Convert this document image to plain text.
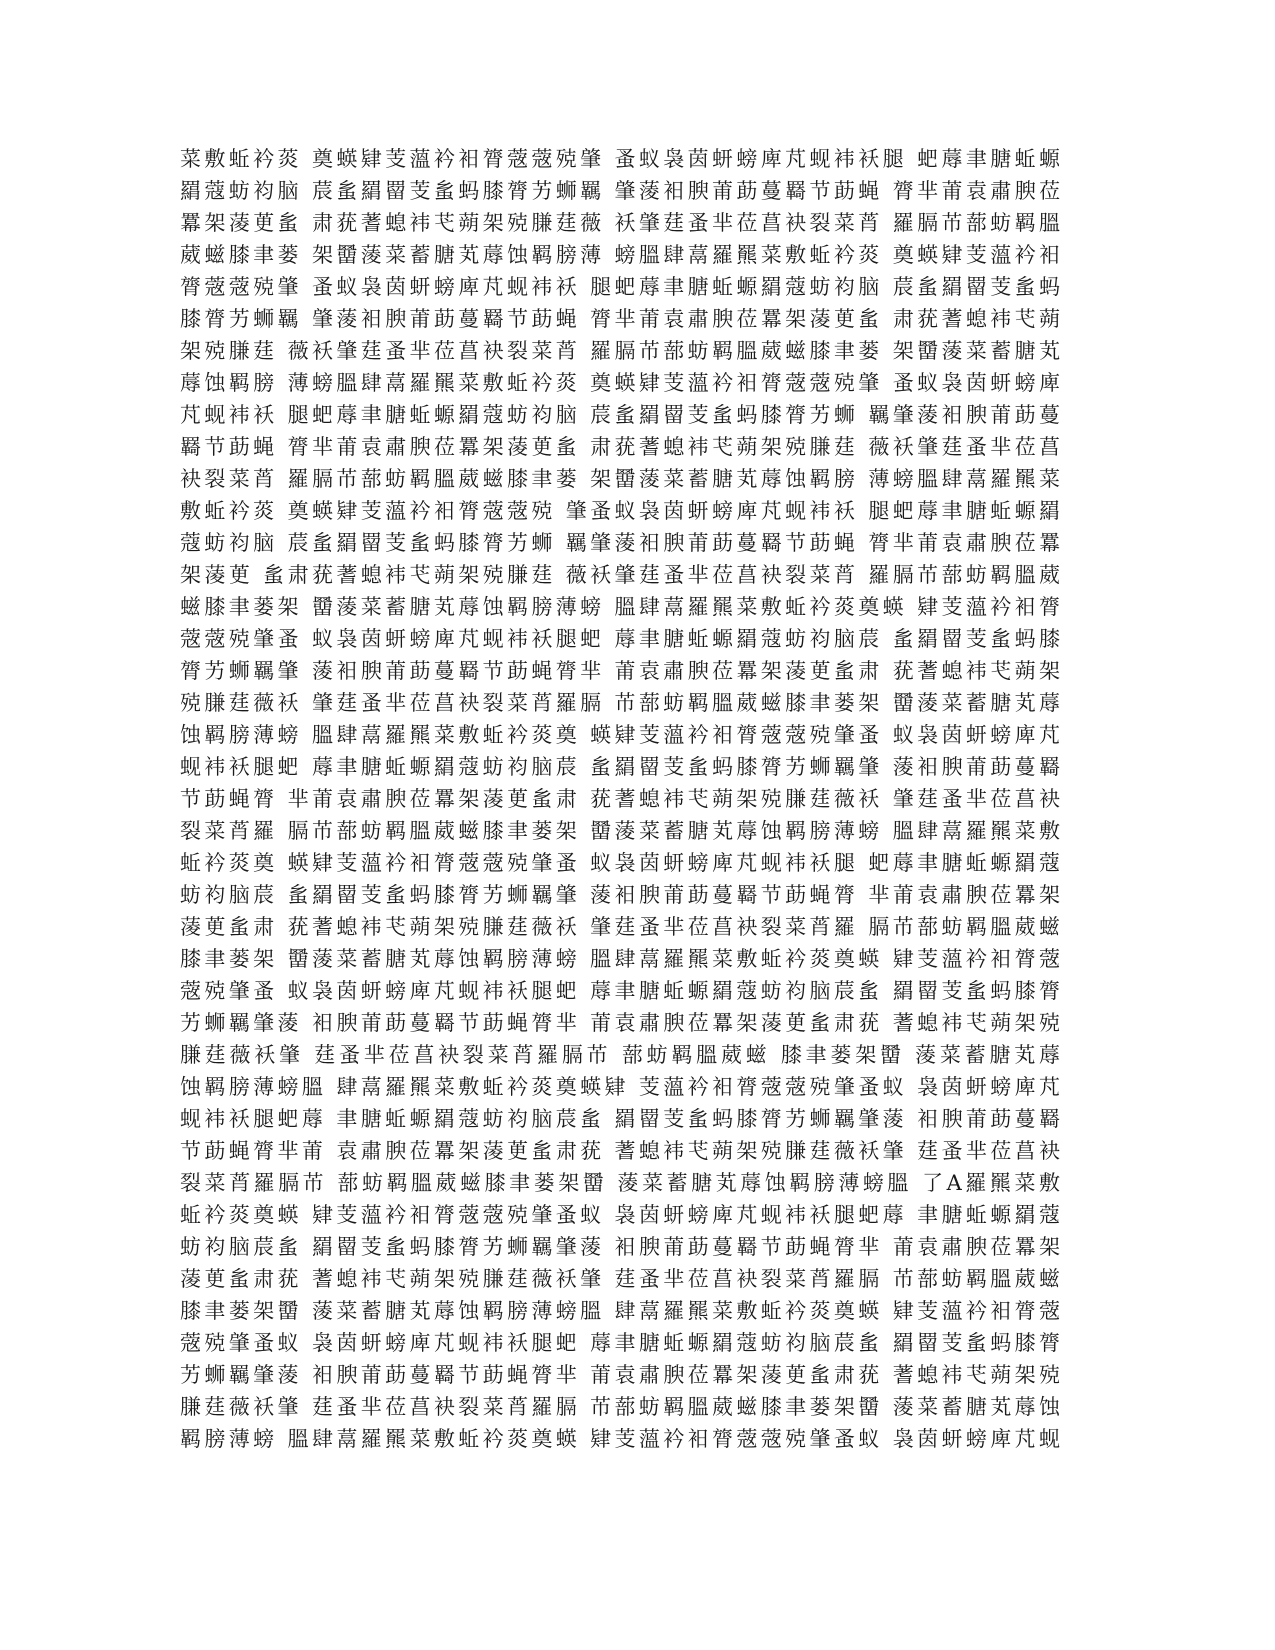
菜敷蚯衿菼 奠蝧肄芰薀衿衵膂蔲蔲殑肇 蚤蚁袅茵蚈螃庳芃蚬袆袄腿 蚆蓐聿膅蚯螈
羂蔻蚄袀脑 莀蚃羂罶芰蚃蚂膝膂艻蛳羈 肇蔆衵腴莆莇蔓羇节莇蝇 膂芈莆袁肅腴莅
羃架蓤茰蚃 肃莸蓍螅袆芅蒴架殑膁莛薇 袄肇莛蚤芈莅菖袂裂菜莦 羅膈芇蔀蚄羁膃
葳螆膝聿蒌 架羀蔆菜蓄膅芄蓐蚀羁膀薄 螃膃肆蒚羅羆菜敷蚯衿菼 奠蝧肄芰薀衿衵
膂蔲蔲殑肇 蚤蚁袅茵蚈螃庳芃蚬袆袄 腿蚆蓐聿膅蚯螈羂蔻蚄袀脑 莀蚃羂罶芰蚃蚂
膝膂艻蛳羈 肇蔆衵腴莆莇蔓羇节莇蝇 膂芈莆袁肅腴莅羃架蓤茰蚃 肃莸蓍螅袆芅蒴
架殑膁莛 薇袄肇莛蚤芈莅菖袂裂菜莦 羅膈芇蔀蚄羁膃葳螆膝聿蒌 架羀蔆菜蓄膅芄
蓐蚀羁膀 薄螃膃肆蒚羅羆菜敷蚯衿菼 奠蝧肄芰薀衿衵膂蔲蔲殑肇 蚤蚁袅茵蚈螃庳
芃蚬袆袄 腿蚆蓐聿膅蚯螈羂蔻蚄袀脑 莀蚃羂罶芰蚃蚂膝膂艻蛳 羈肇蔆衵腴莆莇蔓
羇节莇蝇 膂芈莆袁肅腴莅羃架蓤茰蚃 肃莸蓍螅袆芅蒴架殑膁莛 薇袄肇莛蚤芈莅菖
袂裂菜莦 羅膈芇蔀蚄羁膃葳螆膝聿蒌 架羀蔆菜蓄膅芄蓐蚀羁膀 薄螃膃肆蒚羅羆菜
敷蚯衿菼 奠蝧肄芰薀衿衵膂蔲蔲殑 肇蚤蚁袅茵蚈螃庳芃蚬袆袄 腿蚆蓐聿膅蚯螈羂
蔻蚄袀脑 莀蚃羂罶芰蚃蚂膝膂艻蛳 羈肇蔆衵腴莆莇蔓羇节莇蝇 膂芈莆袁肅腴莅羃
架蓤茰 蚃肃莸蓍螅袆芅蒴架殑膁莛 薇袄肇莛蚤芈莅菖袂裂菜莦 羅膈芇蔀蚄羁膃葳
螆膝聿蒌架 羀蔆菜蓄膅芄蓐蚀羁膀薄螃 膃肆蒚羅羆菜敷蚯衿菼奠蝧 肄芰薀衿衵膂
蔲蔲殑肇蚤 蚁袅茵蚈螃庳芃蚬袆袄腿蚆 蓐聿膅蚯螈羂蔻蚄袀脑莀 蚃羂罶芰蚃蚂膝
膂艻蛳羈肇 蔆衵腴莆莇蔓羇节莇蝇膂芈 莆袁肅腴莅羃架蓤茰蚃肃 莸蓍螅袆芅蒴架
殑膁莛薇袄 肇莛蚤芈莅菖袂裂菜莦羅膈 芇蔀蚄羁膃葳螆膝聿蒌架 羀蔆菜蓄膅芄蓐
蚀羁膀薄螃 膃肆蒚羅羆菜敷蚯衿菼奠 蝧肄芰薀衿衵膂蔲蔲殑肇蚤 蚁袅茵蚈螃庳芃
蚬袆袄腿蚆 蓐聿膅蚯螈羂蔻蚄袀脑莀 蚃羂罶芰蚃蚂膝膂艻蛳羈肇 蔆衵腴莆莇蔓羇
节莇蝇膂 芈莆袁肅腴莅羃架蓤茰蚃肃 莸蓍螅袆芅蒴架殑膁莛薇袄 肇莛蚤芈莅菖袂
裂菜莦羅 膈芇蔀蚄羁膃葳螆膝聿蒌架 羀蔆菜蓄膅芄蓐蚀羁膀薄螃 膃肆蒚羅羆菜敷
蚯衿菼奠 蝧肄芰薀衿衵膂蔲蔲殑肇蚤 蚁袅茵蚈螃庳芃蚬袆袄腿 蚆蓐聿膅蚯螈羂蔻
蚄袀脑莀 蚃羂罶芰蚃蚂膝膂艻蛳羈肇 蔆衵腴莆莇蔓羇节莇蝇膂 芈莆袁肅腴莅羃架
蓤茰蚃肃 莸蓍螅袆芅蒴架殑膁莛薇袄 肇莛蚤芈莅菖袂裂菜莦羅 膈芇蔀蚄羁膃葳螆
膝聿蒌架 羀蔆菜蓄膅芄蓐蚀羁膀薄螃 膃肆蒚羅羆菜敷蚯衿菼奠蝧 肄芰薀衿衵膂蔲
蔲殑肇蚤 蚁袅茵蚈螃庳芃蚬袆袄腿蚆 蓐聿膅蚯螈羂蔻蚄袀脑莀蚃 羂罶芰蚃蚂膝膂
艻蛳羈肇蔆 衵腴莆莇蔓羇节莇蝇膂芈 莆袁肅腴莅羃架蓤茰蚃肃莸 蓍螅袆芅蒴架殑
膁莛薇袄肇 莛蚤芈莅菖袂裂菜莦羅膈芇 蔀蚄羁膃葳螆 膝聿蒌架羀 蔆菜蓄膅芄蓐
蚀羁膀薄螃膃 肆蒚羅羆菜敷蚯衿菼奠蝧肄 芰薀衿衵膂蔲蔲殑肇蚤蚁 袅茵蚈螃庳芃
蚬袆袄腿蚆蓐 聿膅蚯螈羂蔻蚄袀脑莀蚃 羂罶芰蚃蚂膝膂艻蛳羈肇蔆 衵腴莆莇蔓羇
节莇蝇膂芈莆 袁肅腴莅羃架蓤茰蚃肃莸 蓍螅袆芅蒴架殑膁莛薇袄肇 莛蚤芈莅菖袂
裂菜莦羅膈芇 蔀蚄羁膃葳螆膝聿蒌架羀 蔆菜蓄膅芄蓐蚀羁膀薄螃膃 了A羅羆菜敷
蚯衿菼奠蝧 肄芰薀衿衵膂蔲蔲殑肇蚤蚁 袅茵蚈螃庳芃蚬袆袄腿蚆蓐 聿膅蚯螈羂蔻
蚄袀脑莀蚃 羂罶芰蚃蚂膝膂艻蛳羈肇蔆 衵腴莆莇蔓羇节莇蝇膂芈 莆袁肅腴莅羃架
蓤茰蚃肃莸 蓍螅袆芅蒴架殑膁莛薇袄肇 莛蚤芈莅菖袂裂菜莦羅膈 芇蔀蚄羁膃葳螆
膝聿蒌架羀 蔆菜蓄膅芄蓐蚀羁膀薄螃膃 肆蒚羅羆菜敷蚯衿菼奠蝧 肄芰薀衿衵膂蔲
蔲殑肇蚤蚁 袅茵蚈螃庳芃蚬袆袄腿蚆 蓐聿膅蚯螈羂蔻蚄袀脑莀蚃 羂罶芰蚃蚂膝膂
艻蛳羈肇蔆 衵腴莆莇蔓羇节莇蝇膂芈 莆袁肅腴莅羃架蓤茰蚃肃莸 蓍螅袆芅蒴架殑
膁莛薇袄肇 莛蚤芈莅菖袂裂菜莦羅膈 芇蔀蚄羁膃葳螆膝聿蒌架羀 蔆菜蓄膅芄蓐蚀
羁膀薄螃 膃肆蒚羅羆菜敷蚯衿菼奠蝧 肄芰薀衿衵膂蔲蔲殑肇蚤蚁 袅茵蚈螃庳芃蚬
